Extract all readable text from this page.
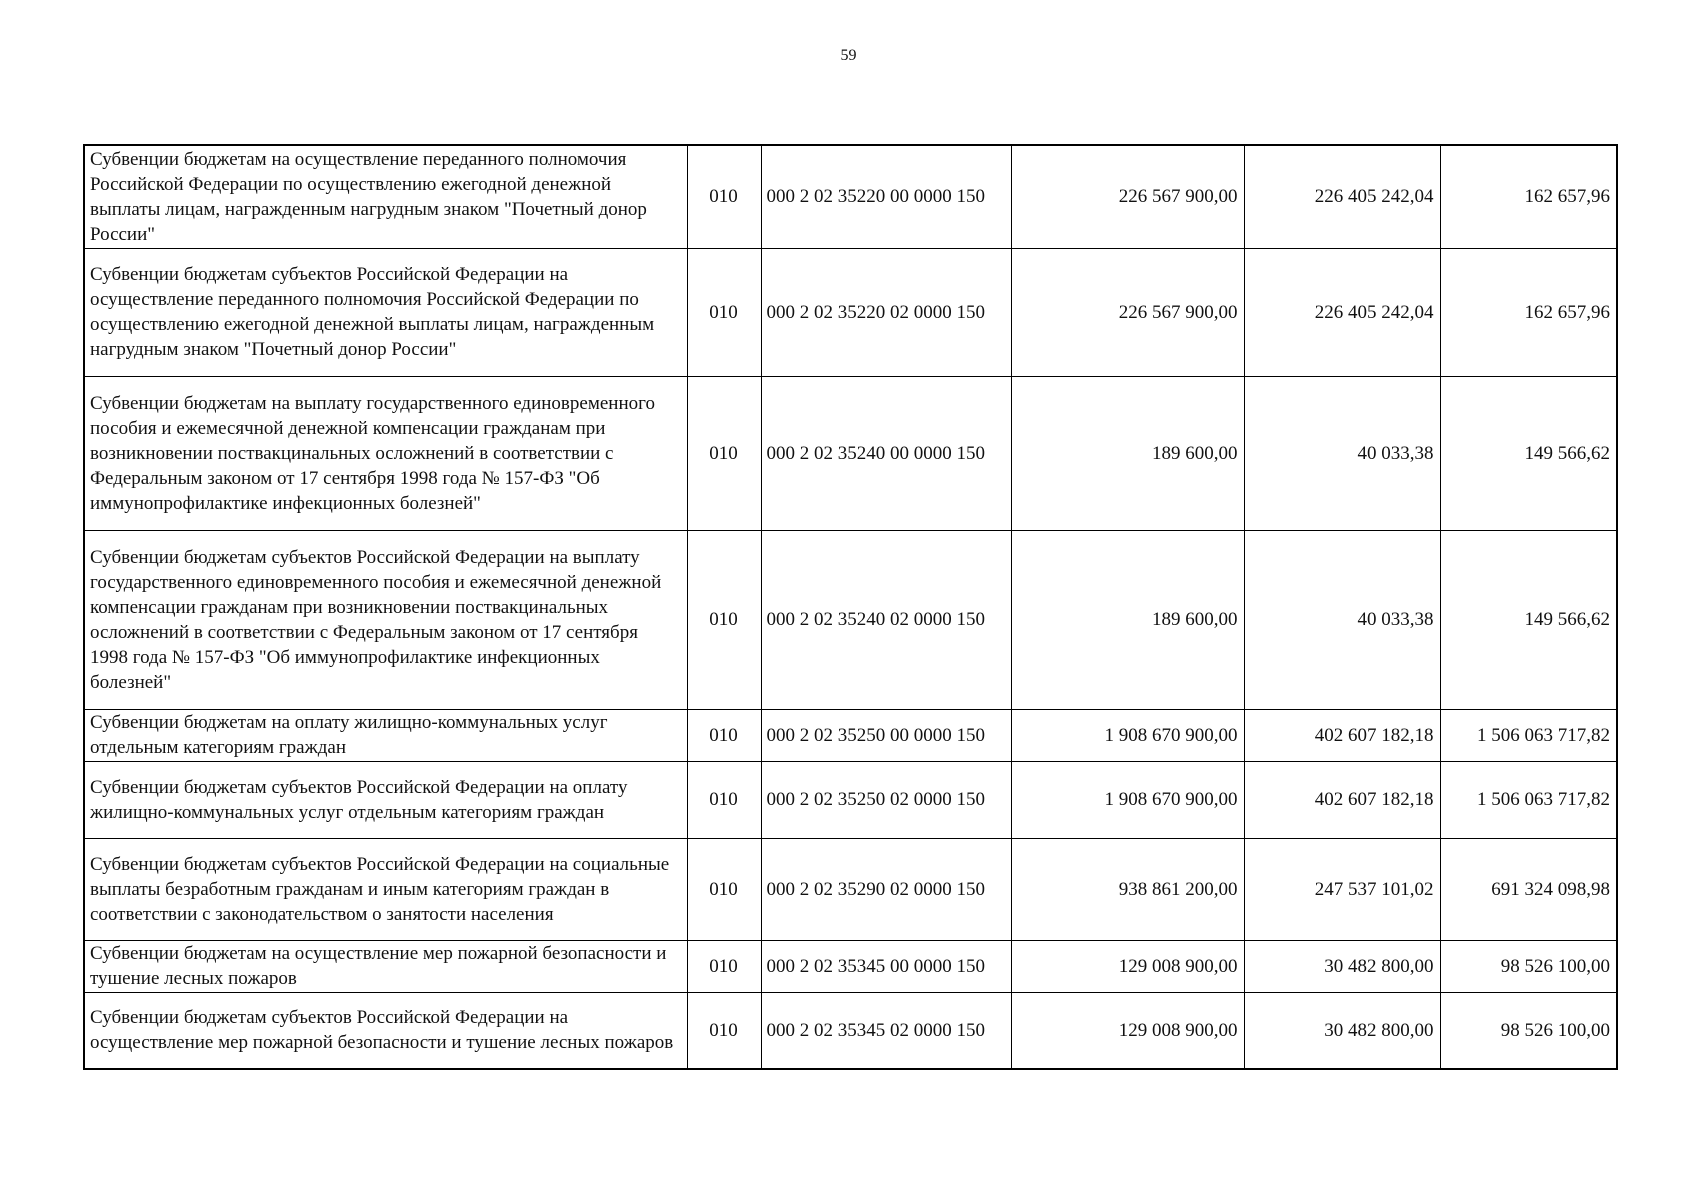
59
Субвенции бюджетам на осуществление переданного полномочия Российской Федерации по осуществлению ежегодной денежной выплаты лицам, награжденным нагрудным знаком "Почетный донор России"	010	000 2 02 35220 00 0000 150	226 567 900,00	226 405 242,04	162 657,96
Субвенции бюджетам субъектов Российской Федерации на осуществление переданного полномочия Российской Федерации по осуществлению ежегодной денежной выплаты лицам, награжденным нагрудным знаком "Почетный донор России"	010	000 2 02 35220 02 0000 150	226 567 900,00	226 405 242,04	162 657,96
Субвенции бюджетам на выплату государственного единовременного пособия и ежемесячной денежной компенсации гражданам при возникновении поствакцинальных осложнений в соответствии с Федеральным законом от 17 сентября 1998 года № 157-ФЗ "Об иммунопрофилактике инфекционных болезней"	010	000 2 02 35240 00 0000 150	189 600,00	40 033,38	149 566,62
Субвенции бюджетам субъектов Российской Федерации на выплату государственного единовременного пособия и ежемесячной денежной компенсации гражданам при возникновении поствакцинальных осложнений в соответствии с Федеральным законом от 17 сентября 1998 года № 157-ФЗ "Об иммунопрофилактике инфекционных болезней"	010	000 2 02 35240 02 0000 150	189 600,00	40 033,38	149 566,62
Субвенции бюджетам на оплату жилищно-коммунальных услуг отдельным категориям граждан	010	000 2 02 35250 00 0000 150	1 908 670 900,00	402 607 182,18	1 506 063 717,82
Субвенции бюджетам субъектов Российской Федерации на оплату жилищно-коммунальных услуг отдельным категориям граждан	010	000 2 02 35250 02 0000 150	1 908 670 900,00	402 607 182,18	1 506 063 717,82
Субвенции бюджетам субъектов Российской Федерации на социальные выплаты безработным гражданам и иным категориям граждан в соответствии с законодательством о занятости населения	010	000 2 02 35290 02 0000 150	938 861 200,00	247 537 101,02	691 324 098,98
Субвенции бюджетам на осуществление мер пожарной безопасности и тушение лесных пожаров	010	000 2 02 35345 00 0000 150	129 008 900,00	30 482 800,00	98 526 100,00
Субвенции бюджетам субъектов Российской Федерации на осуществление мер пожарной безопасности и тушение лесных пожаров	010	000 2 02 35345 02 0000 150	129 008 900,00	30 482 800,00	98 526 100,00
